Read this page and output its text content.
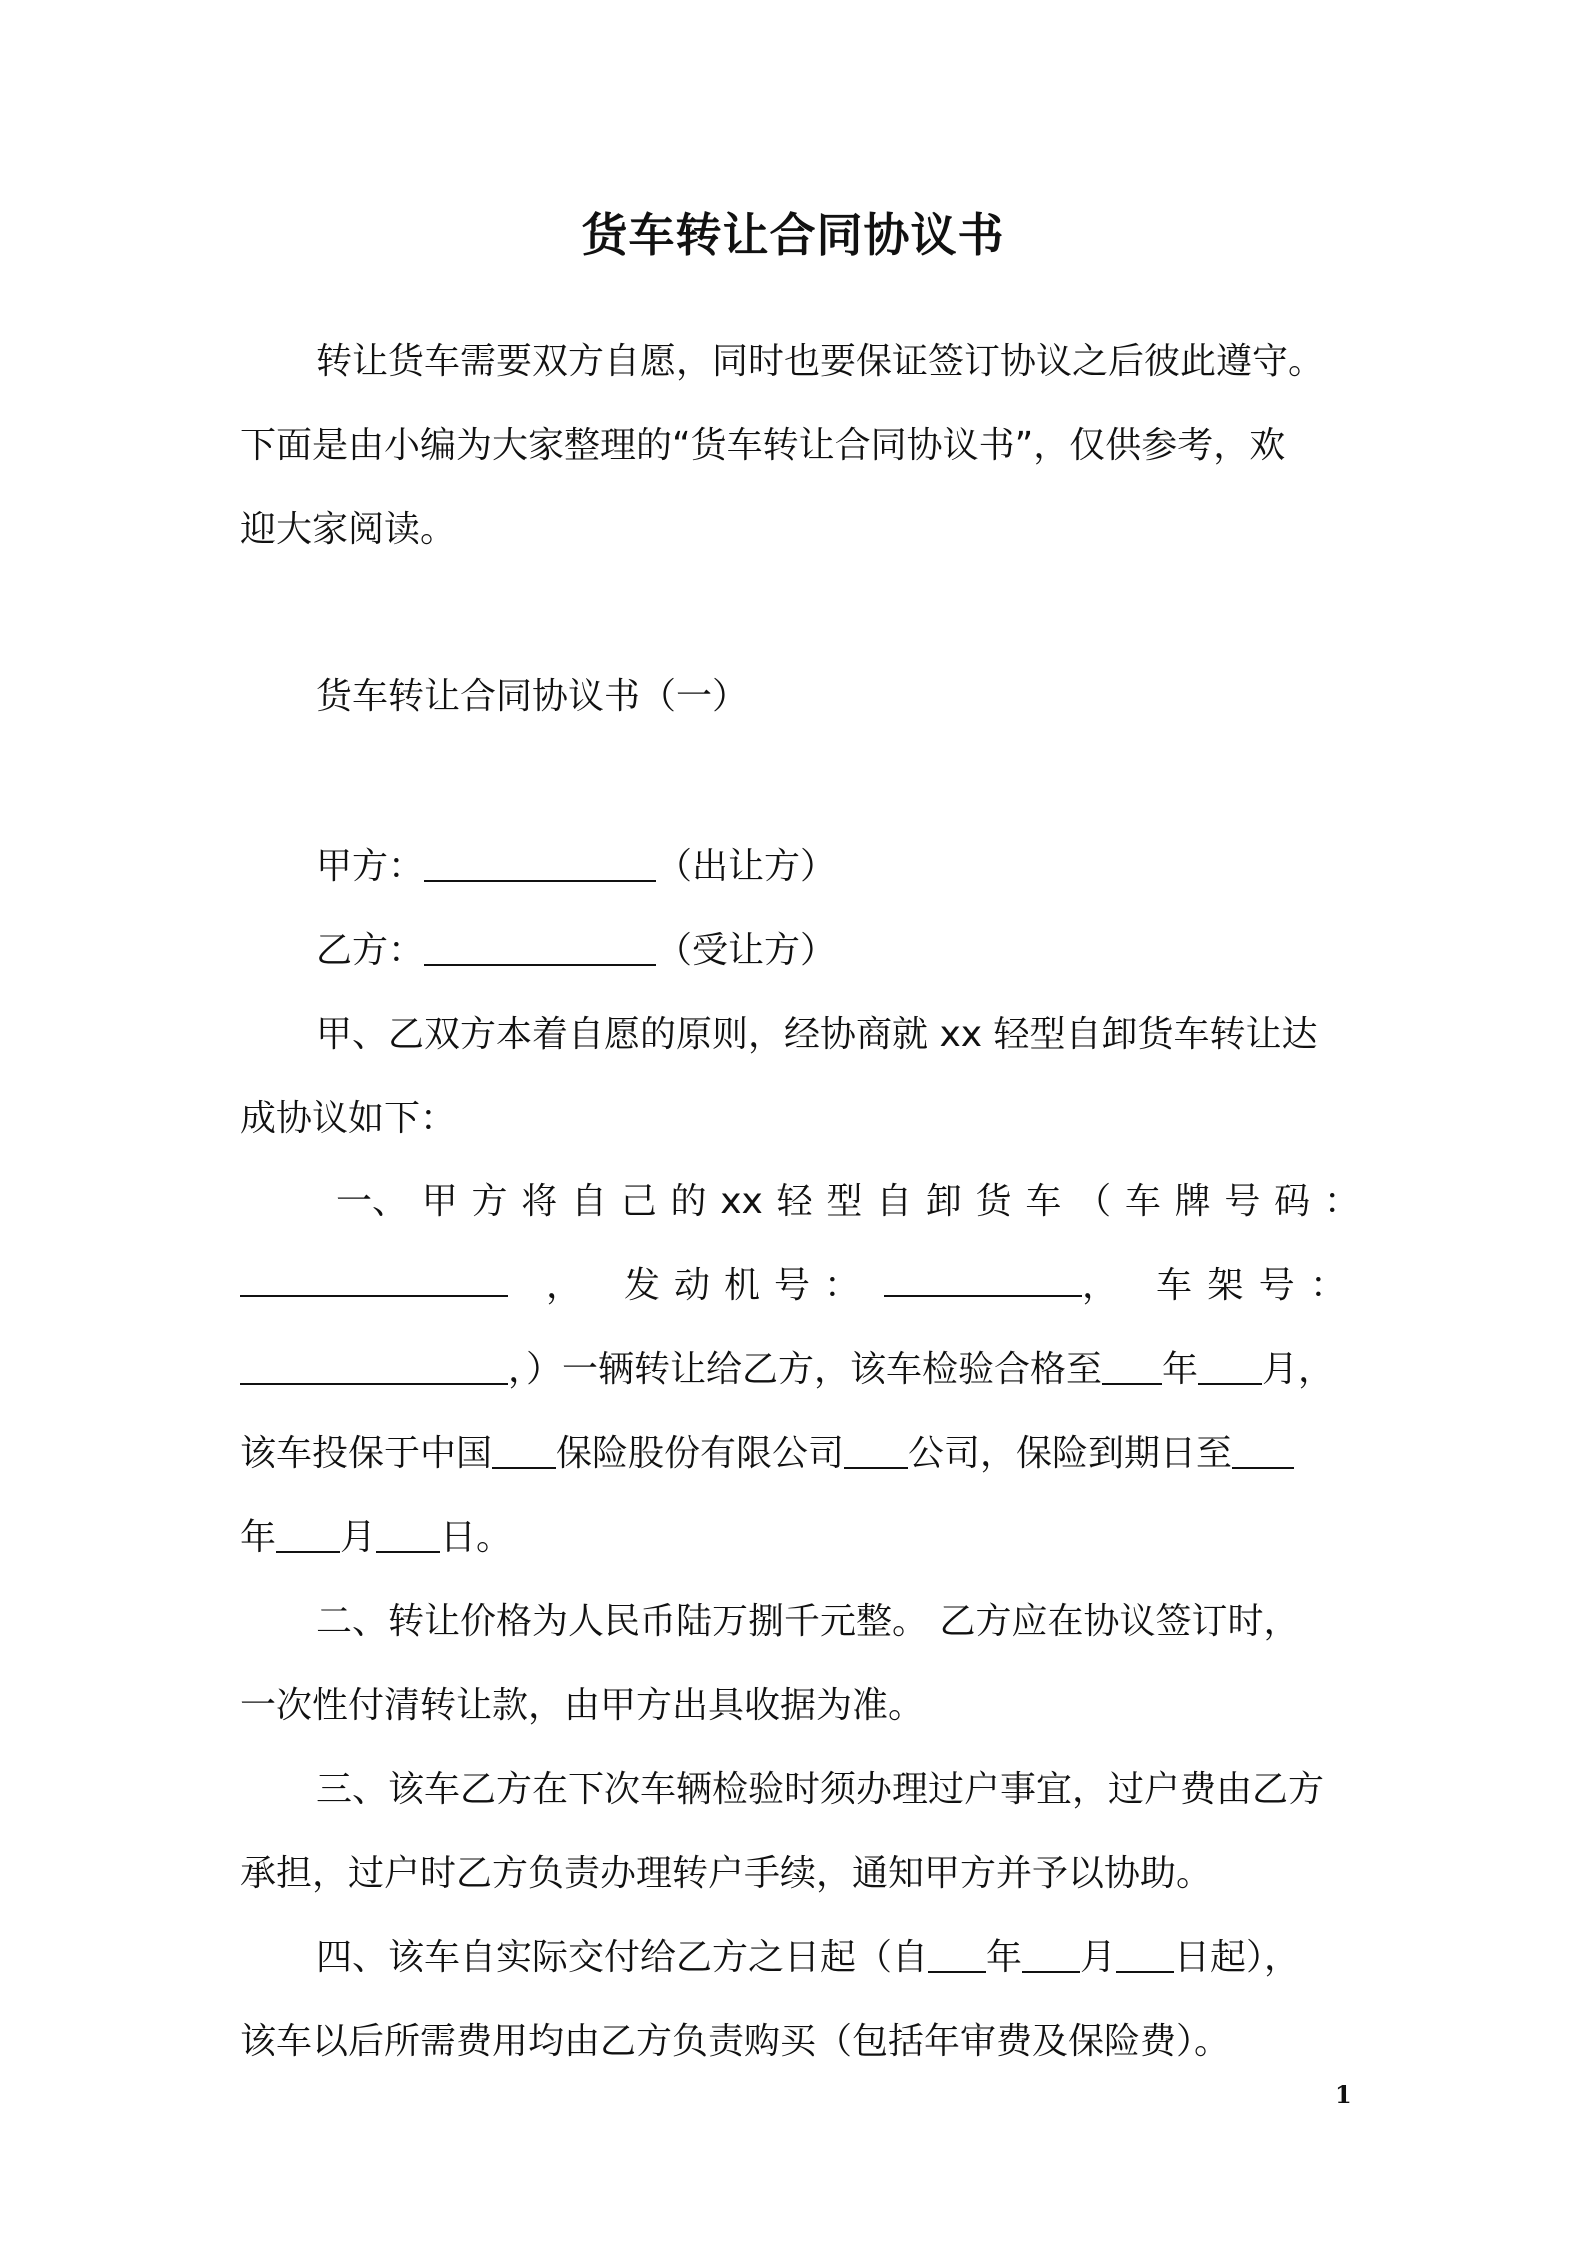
货车转让合同协议书
转让货车需要双方自愿，同时也要保证签订协议之后彼此遵守。
下面是由小编为大家整理的“货车转让合同协议书”，仅供参考，欢
迎大家阅读。
货车转让合同协议书（一）
甲方：	（出让方）
乙方：	（受让方）
甲、乙双方本着自愿的原则，经协商就 xx 轻型自卸货车转让达
成协议如下：
一、 甲 方 将 自 己 的 xx 轻 型 自 卸 货 车 （ 车 牌 号 码 ：
， 发 动 机 号 ：	， 车 架 号 ：
，）一辆转让给乙方，该车检验合格至 年 月，
该车投保于中国 保险股份有限公司 公司，保险到期日至
年 月 日。
二、转让价格为人民币陆万捌千元整。 乙方应在协议签订时，
一次性付清转让款，由甲方出具收据为准。
三、该车乙方在下次车辆检验时须办理过户事宜，过户费由乙方
承担，过户时乙方负责办理转户手续，通知甲方并予以协助。
四、该车自实际交付给乙方之日起（自 年 月 日起），
该车以后所需费用均由乙方负责购买（包括年审费及保险费）。
1
